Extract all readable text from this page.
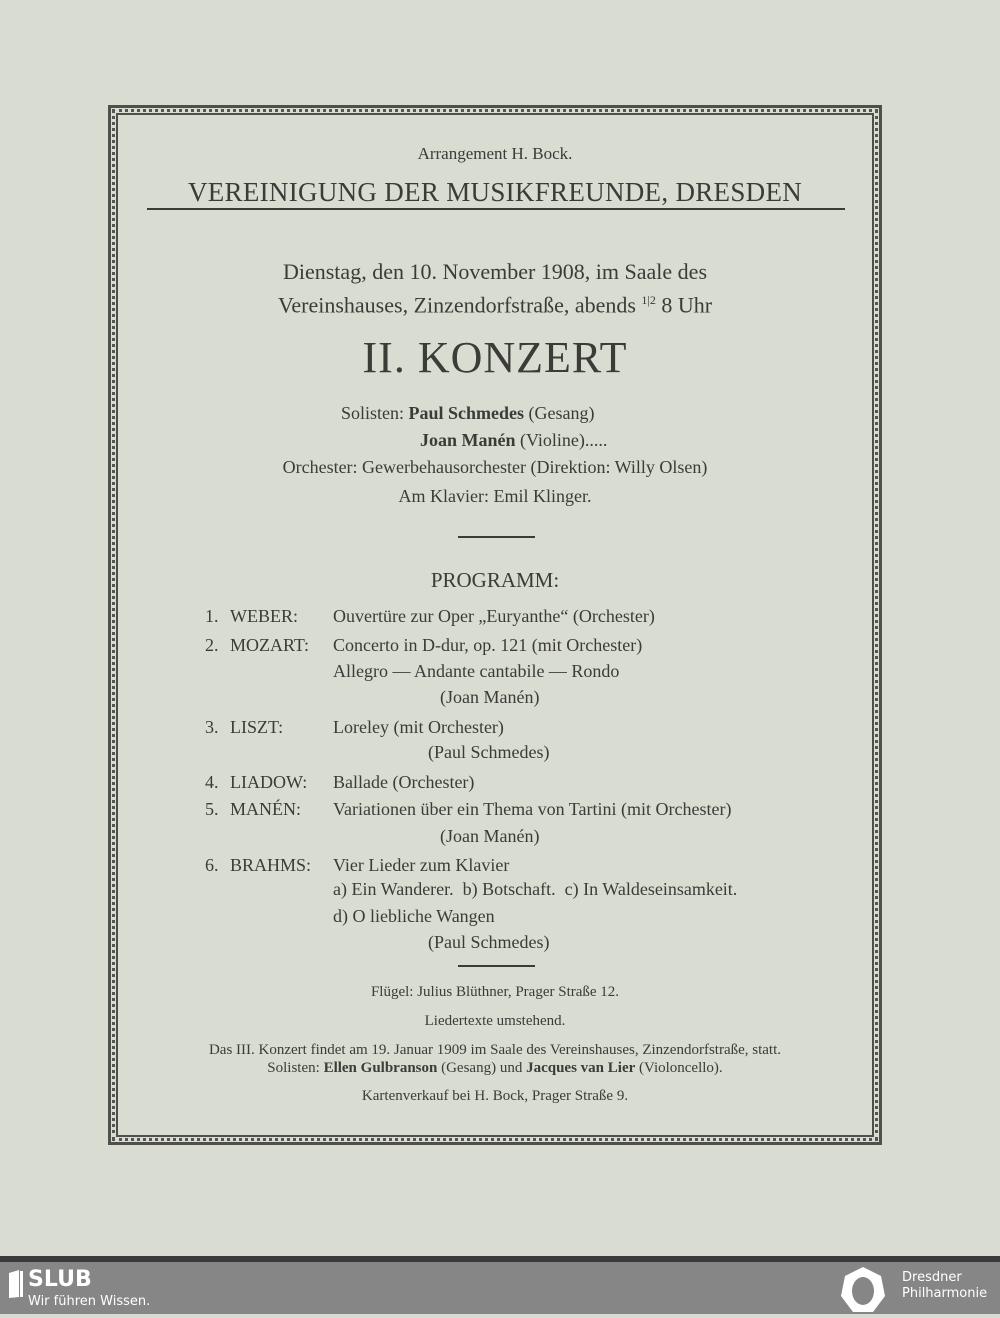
Arrangement H. Bock.
VEREINIGUNG DER MUSIKFREUNDE, DRESDEN
Dienstag, den 10. November 1908, im Saale des
Vereinshauses, Zinzendorfstraße, abends $^{1|2}$ 8 Uhr
II. KONZERT
Solisten: Paul Schmedes (Gesang)
Joan Manén (Violine).....
Orchester: Gewerbehausorchester (Direktion: Willy Olsen)
Am Klavier: Emil Klinger.
PROGRAMM:
1. WEBER: Ouvertüre zur Oper „Euryanthe“ (Orchester)
2. MOZART: Concerto in D-dur, op. 121 (mit Orchester)
Allegro — Andante cantabile — Rondo
(Joan Manén)
3. LISZT:	Loreley (mit Orchester)
(Paul Schmedes)
4. LIADOW: Ballade (Orchester)
5. MANÉN: Variationen über ein Thema von Tartini (mit Orchester)
(Joan Manén)
6. BRAHMS: Vier Lieder zum Klavier
a) Ein Wanderer.  b) Botschaft.  c) In Waldeseinsamkeit.
d) O liebliche Wangen
(Paul Schmedes)
Flügel: Julius Blüthner, Prager Straße 12.
Liedertexte umstehend.
Das III. Konzert findet am 19. Januar 1909 im Saale des Vereinshauses, Zinzendorfstraße, statt.
Solisten: Ellen Gulbranson (Gesang) und Jacques van Lier (Violoncello).
Kartenverkauf bei H. Bock, Prager Straße 9.
SLUB
Wir führen Wissen.
Dresdner
Philharmonie
